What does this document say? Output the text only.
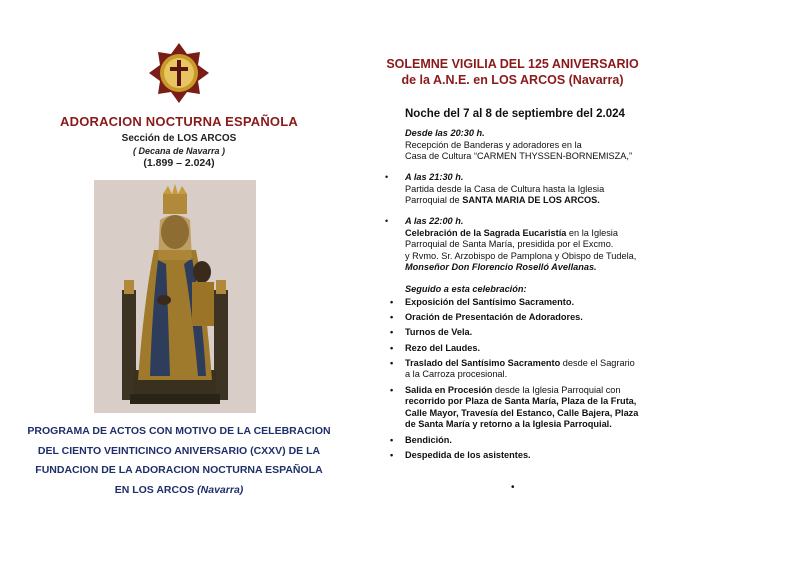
ADORACION NOCTURNA ESPAÑOLA
Sección de LOS ARCOS
( Decana de Navarra )
(1.899 – 2.024)
PROGRAMA DE ACTOS CON MOTIVO DE LA CELEBRACION
DEL CIENTO VEINTICINCO ANIVERSARIO (CXXV) DE LA
FUNDACION DE LA ADORACION NOCTURNA ESPAÑOLA
EN LOS ARCOS (Navarra)
SOLEMNE VIGILIA DEL 125 ANIVERSARIO
de la A.N.E. en LOS ARCOS (Navarra)
Noche del 7 al 8 de septiembre del 2.024
Desde las 20:30 h.
Recepción de Banderas y adoradores en la
Casa de Cultura “CARMEN THYSSEN-BORNEMISZA,”
• A las 21:30 h.
Partida desde la Casa de Cultura hasta la Iglesia
Parroquial de SANTA MARIA DE LOS ARCOS.
• A las 22:00 h.
Celebración de la Sagrada Eucaristía en la Iglesia
Parroquial de Santa María, presidida por el Excmo.
y Rvmo. Sr. Arzobispo de Pamplona y Obispo de Tudela,
Monseñor Don Florencio Roselló Avellanas.
Seguido a esta celebración:
• Exposición del Santísimo Sacramento.
• Oración de Presentación de Adoradores.
• Turnos de Vela.
• Rezo del Laudes.
• Traslado del Santísimo Sacramento desde el Sagrario
a la Carroza procesional.
• Salida en Procesión desde la Iglesia Parroquial con
recorrido por Plaza de Santa María, Plaza de la Fruta,
Calle Mayor, Travesía del Estanco, Calle Bajera, Plaza
de Santa María y retorno a la Iglesia Parroquial.
• Bendición.
• Despedida de los asistentes.
•
